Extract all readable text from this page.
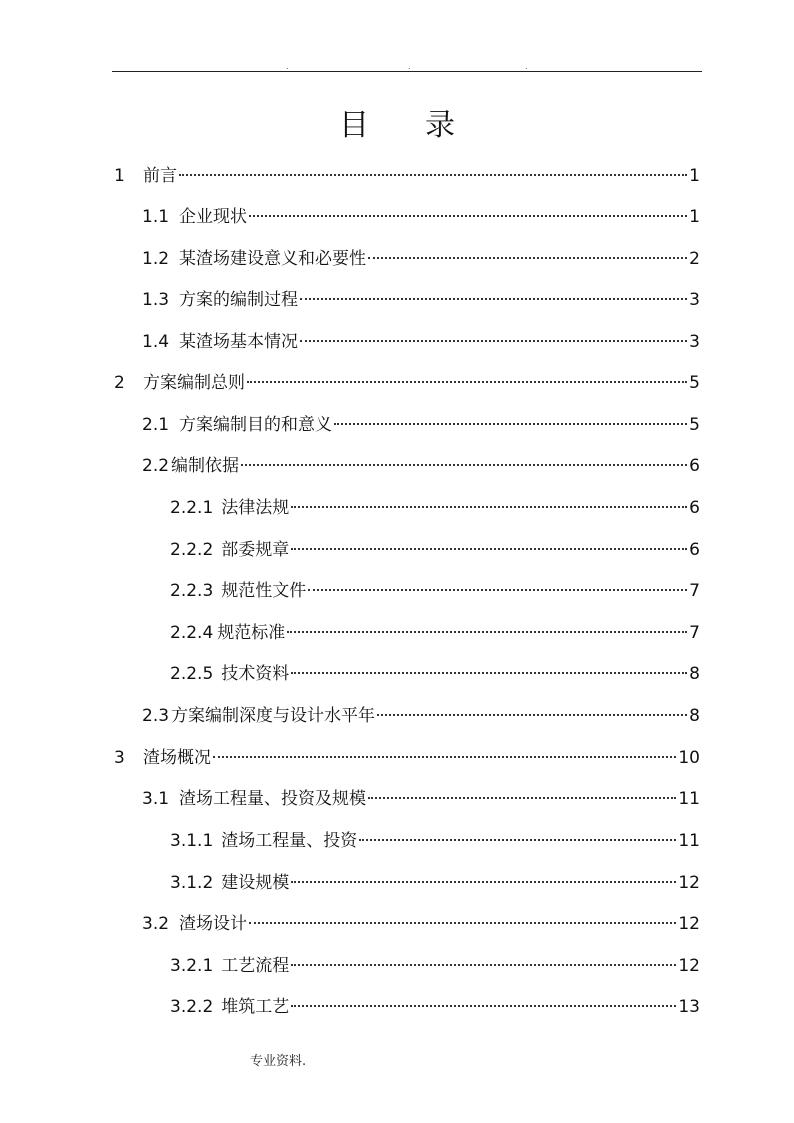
.	.	.
目 录
1	前言	1
1.1 企业现状	1
1.2 某渣场建设意义和必要性	2
1.3 方案的编制过程	3
1.4 某渣场基本情况	3
2	方案编制总则	5
2.1 方案编制目的和意义	5
2.2 编制依据	6
2.2.1 法律法规	6
2.2.2 部委规章	6
2.2.3 规范性文件	7
2.2.4 规范标准	7
2.2.5 技术资料	8
2.3 方案编制深度与设计水平年	8
3	渣场概况	10
3.1 渣场工程量、投资及规模	11
3.1.1 渣场工程量、投资	11
3.1.2 建设规模	12
3.2 渣场设计	12
3.2.1 工艺流程	12
3.2.2 堆筑工艺	13
专业资料.
